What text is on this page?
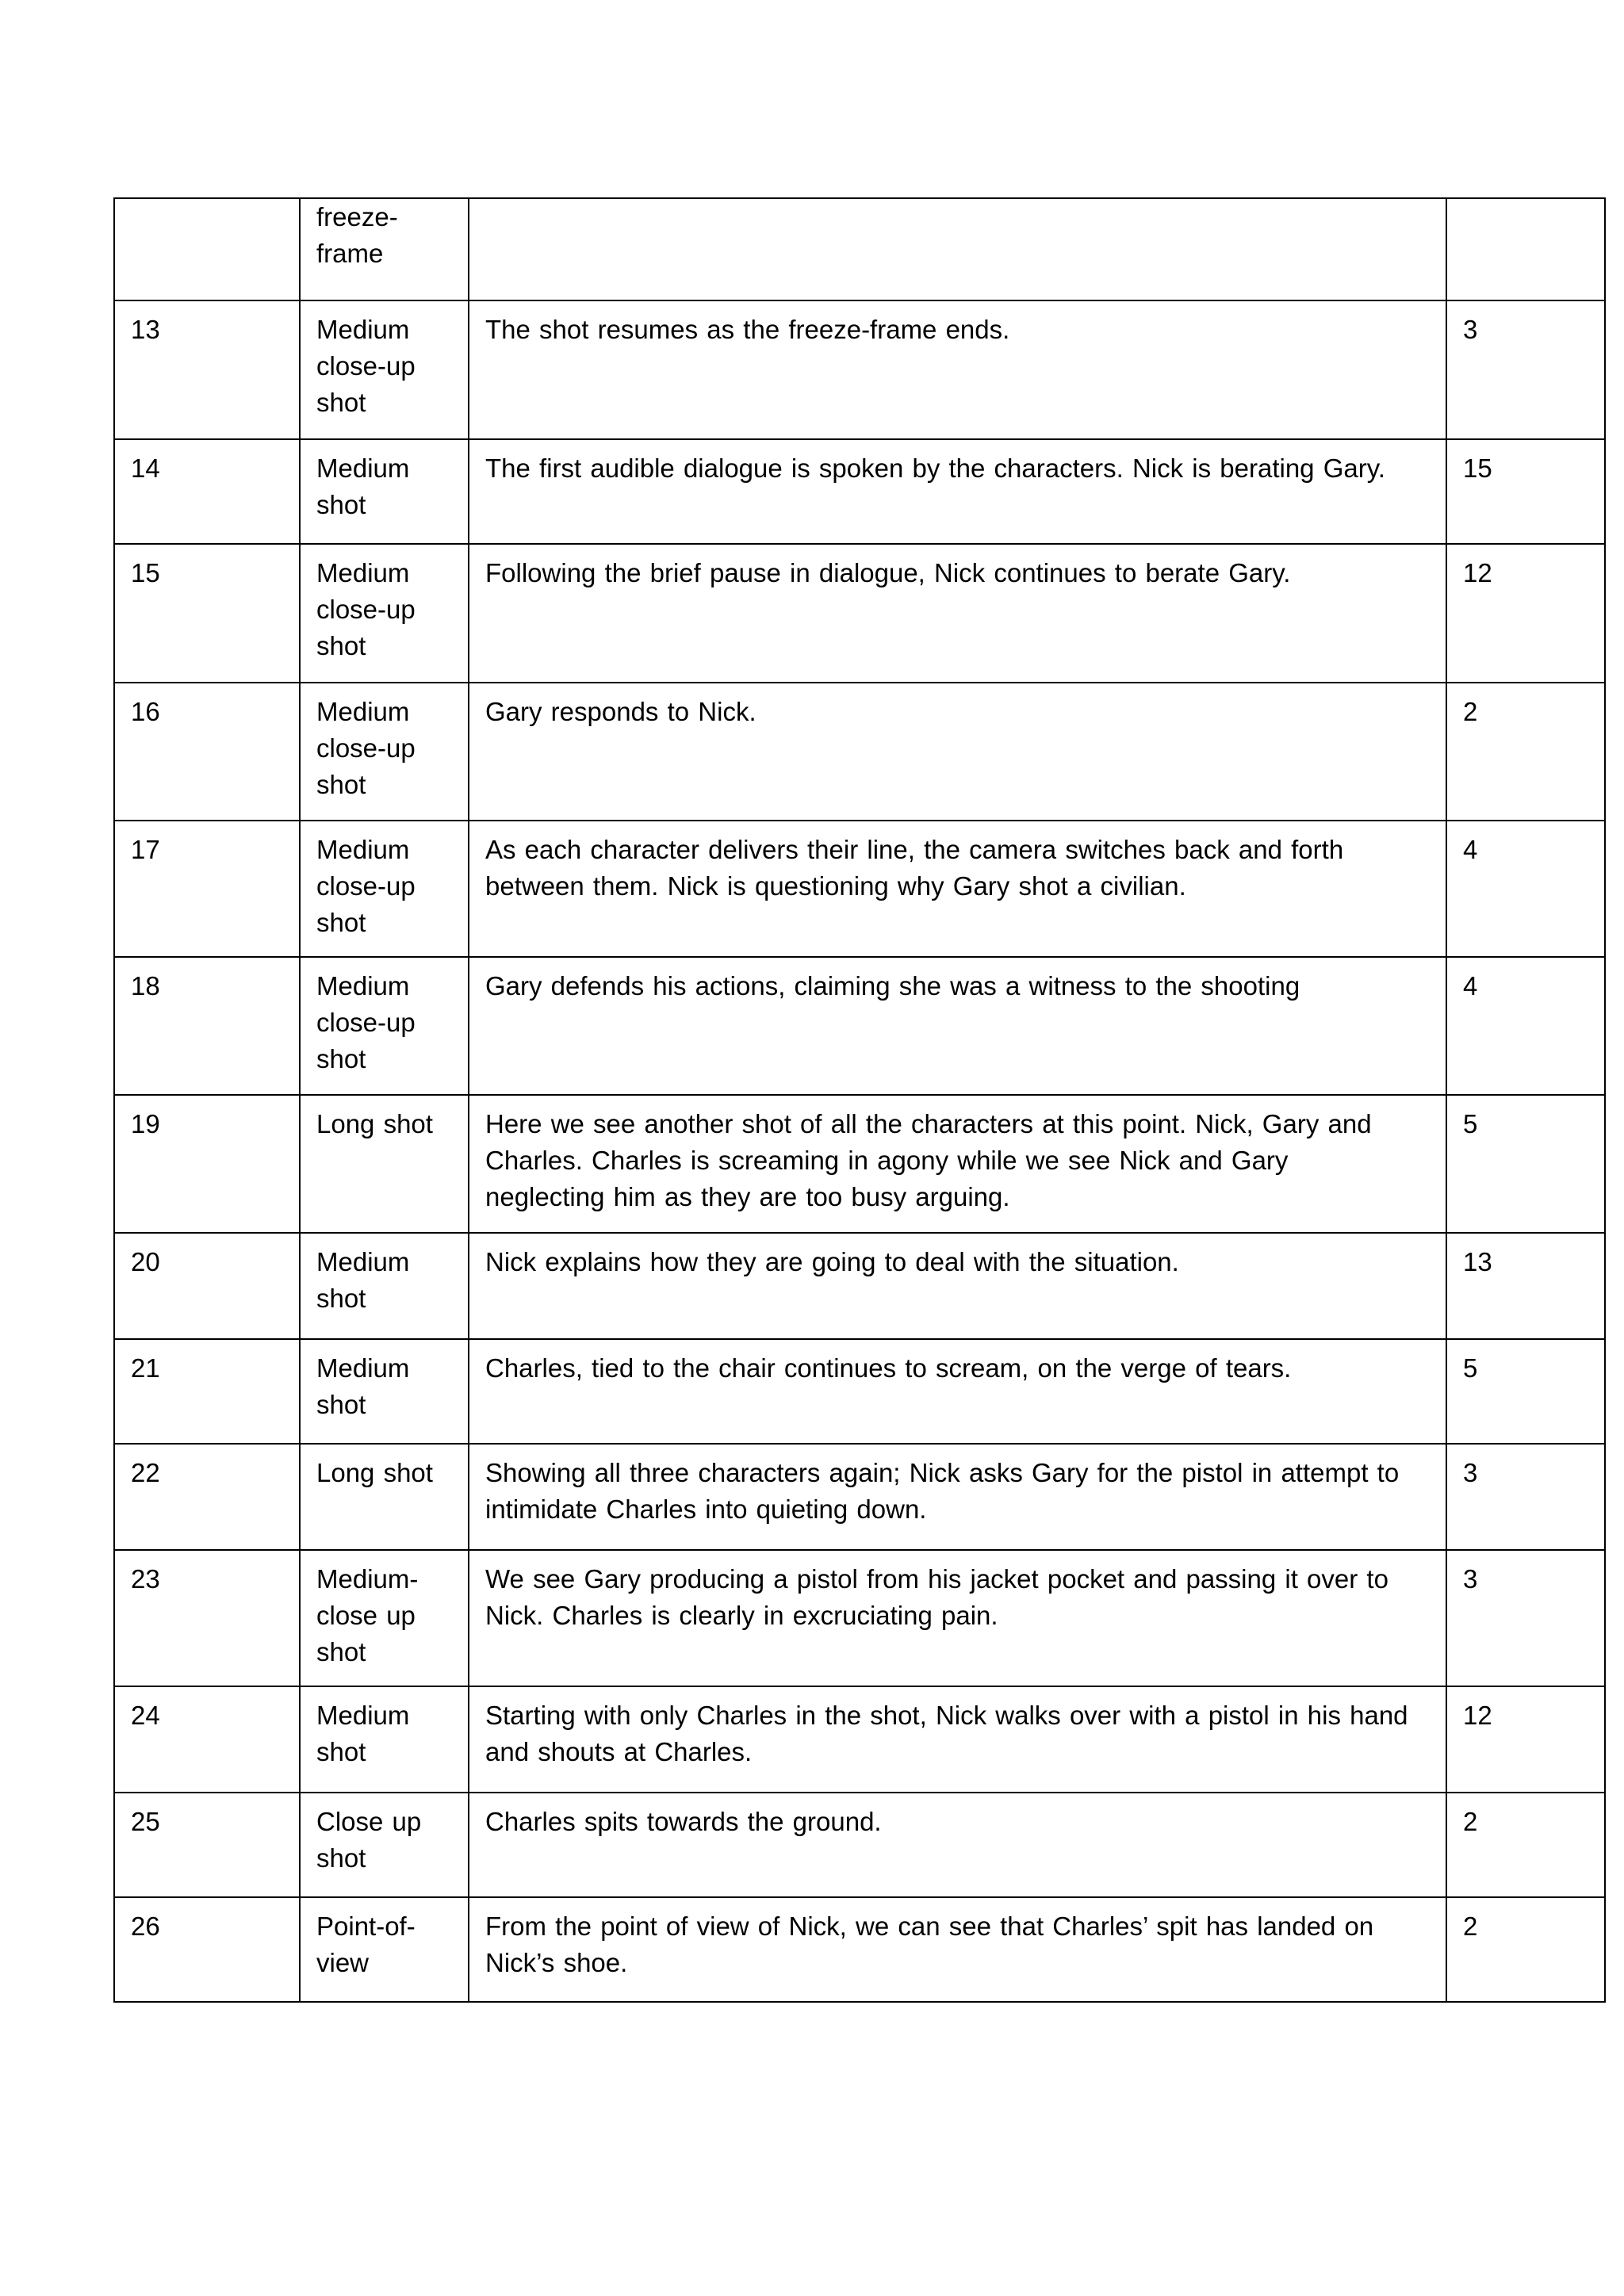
	freeze-
frame		

13	Medium
close-up
shot	The shot resumes as the freeze-frame ends.	3

14	Medium
shot	The first audible dialogue is spoken by the characters. Nick is berating Gary.	15

15	Medium
close-up
shot	Following the brief pause in dialogue, Nick continues to berate Gary.	12

16	Medium
close-up
shot	Gary responds to Nick.	2

17	Medium
close-up
shot	As each character delivers their line, the camera switches back and forth
between them. Nick is questioning why Gary shot a civilian.	4

18	Medium
close-up
shot	Gary defends his actions, claiming she was a witness to the shooting	4

19	Long shot	Here we see another shot of all the characters at this point. Nick, Gary and
Charles. Charles is screaming in agony while we see Nick and Gary
neglecting him as they are too busy arguing.	5

20	Medium
shot	Nick explains how they are going to deal with the situation.	13

21	Medium
shot	Charles, tied to the chair continues to scream, on the verge of tears.	5

22	Long shot	Showing all three characters again; Nick asks Gary for the pistol in attempt to
intimidate Charles into quieting down.	3

23	Medium-
close up
shot	We see Gary producing a pistol from his jacket pocket and passing it over to
Nick. Charles is clearly in excruciating pain.	3

24	Medium
shot	Starting with only Charles in the shot, Nick walks over with a pistol in his hand
and shouts at Charles.	12

25	Close up
shot	Charles spits towards the ground.	2

26	Point-of-
view	From the point of view of Nick, we can see that Charles’ spit has landed on
Nick’s shoe.	2
